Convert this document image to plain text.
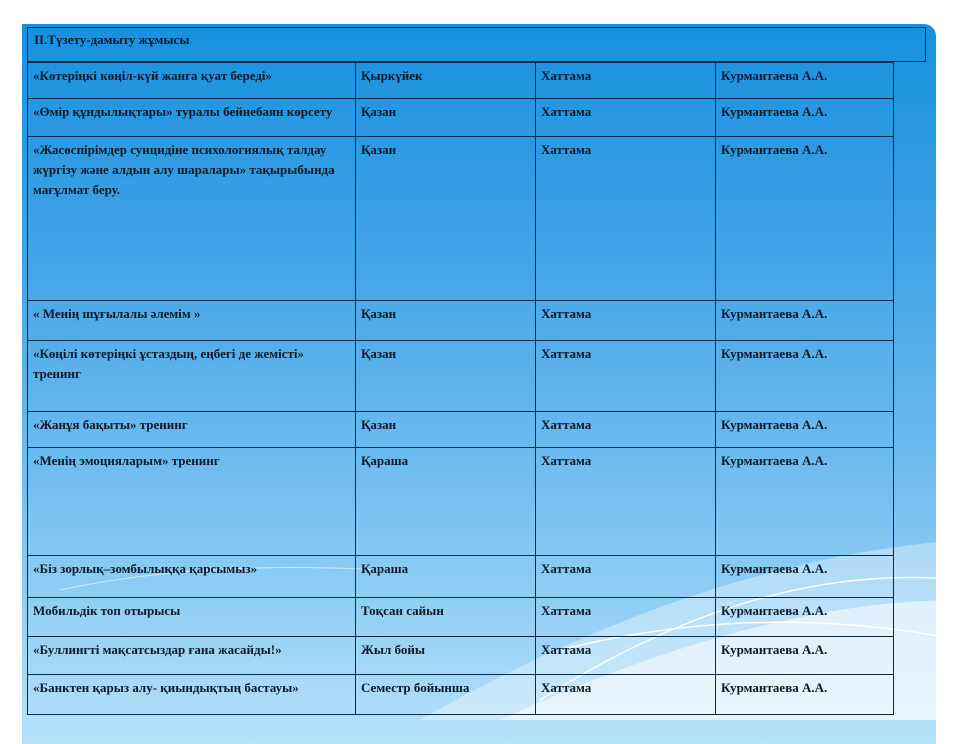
II.Түзету-дамыту жұмысы
«Көтеріңкі көңіл-күй жанға қуат береді»	Қыркүйек	Хаттама	Курмантаева А.А.
«Өмір құндылықтары» туралы бейнебаян көрсету	Қазан	Хаттама	Курмантаева А.А.
«Жасөспірімдер суицидіне психологиялық талдау жүргізу және алдын алу шаралары» тақырыбында мағұлмат беру.	Қазан	Хаттама	Курмантаева А.А.
« Менің шұғылалы әлемім »	Қазан	Хаттама	Курмантаева А.А.
«Көңілі көтеріңкі ұстаздың, еңбегі де жемісті» тренинг	Қазан	Хаттама	Курмантаева А.А.
«Жанұя бақыты» тренинг	Қазан	Хаттама	Курмантаева А.А.
«Менің эмоцияларым» тренинг	Қараша	Хаттама	Курмантаева А.А.
«Біз зорлық–зомбылыққа қарсымыз»	Қараша	Хаттама	Курмантаева А.А.
Мобильдік топ отырысы	Тоқсан сайын	Хаттама	Курмантаева А.А.
«Буллингті мақсатсыздар ғана жасайды!»	Жыл бойы	Хаттама	Курмантаева А.А.
«Банктен қарыз алу- қиындықтың бастауы»	Семестр бойынша	Хаттама	Курмантаева А.А.
